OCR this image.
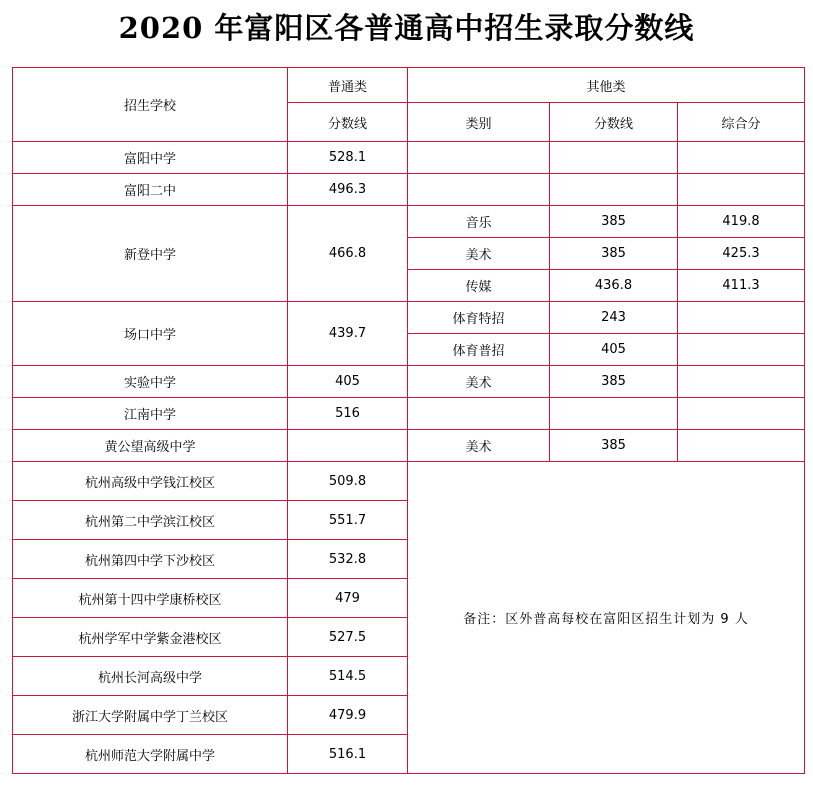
2020 年富阳区各普通高中招生录取分数线
招生学校	普通类	其他类		
	分数线	类别	分数线	综合分
富阳中学	528.1			
富阳二中	496.3			
新登中学	466.8	音乐	385	419.8
		美术	385	425.3
		传媒	436.8	411.3
场口中学	439.7	体育特招	243	
		体育普招	405	
实验中学	405	美术	385	
江南中学	516			
黄公望高级中学		美术	385	
杭州高级中学钱江校区	509.8	备注：区外普高每校在富阳区招生计划为 9 人		
杭州第二中学滨江校区	551.7			
杭州第四中学下沙校区	532.8			
杭州第十四中学康桥校区	479			
杭州学军中学紫金港校区	527.5			
杭州长河高级中学	514.5			
浙江大学附属中学丁兰校区	479.9			
杭州师范大学附属中学	516.1			
